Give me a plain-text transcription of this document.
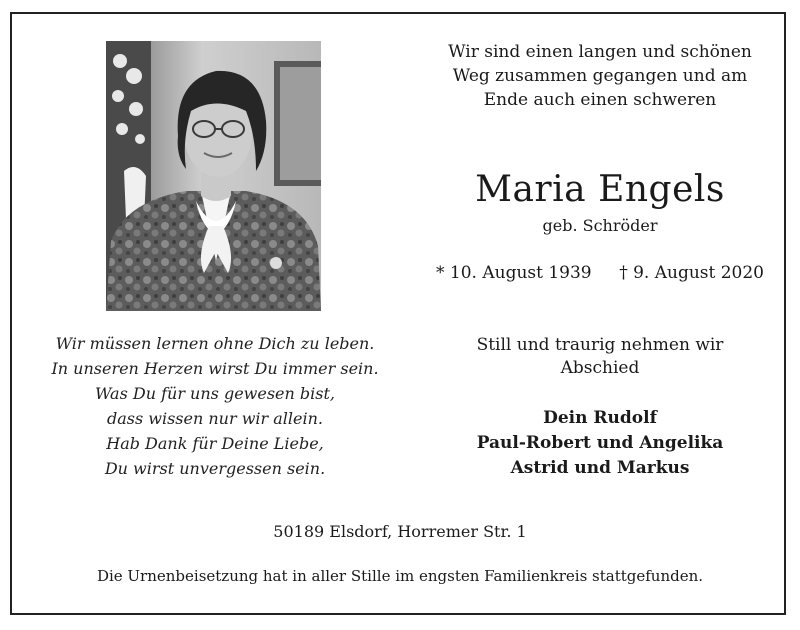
Wir sind einen langen und schönen
Weg zusammen gegangen und am
Ende auch einen schweren
Maria Engels
geb. Schröder
* 10. August 1939 † 9. August 2020
Wir müssen lernen ohne Dich zu leben.
In unseren Herzen wirst Du immer sein.
Was Du für uns gewesen bist,
dass wissen nur wir allein.
Hab Dank für Deine Liebe,
Du wirst unvergessen sein.
Still und traurig nehmen wir
Abschied
Dein Rudolf
Paul-Robert und Angelika
Astrid und Markus
50189 Elsdorf, Horremer Str. 1
Die Urnenbeisetzung hat in aller Stille im engsten Familienkreis stattgefunden.
